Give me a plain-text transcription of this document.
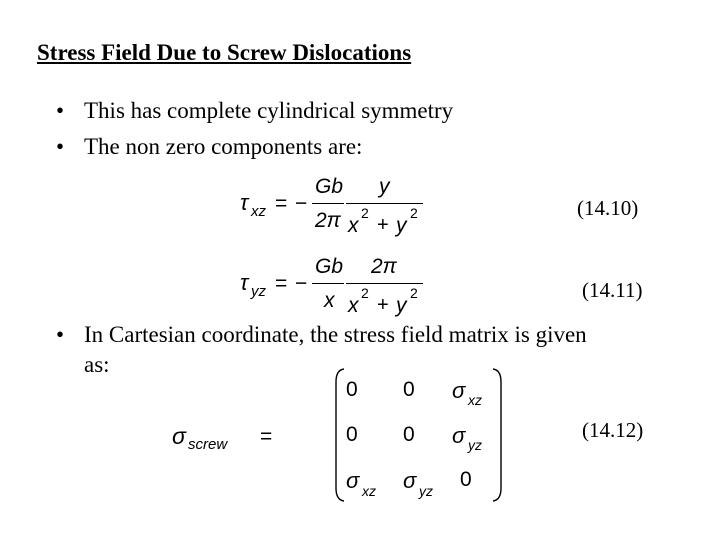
Stress Field Due to Screw Dislocations
• This has complete cylindrical symmetry
• The non zero components are:
τ xz = −
Gb
2π
y
x
2
+ y
2	(14.10)
τ yz = −
Gb
x
2π
x
2
+ y
2	(14.11)
• In Cartesian coordinate, the stress field matrix is given
as:
σ screw =
0 0 σ xz
0 0 σ yz
σ xz σ yz 0
(14.12)
